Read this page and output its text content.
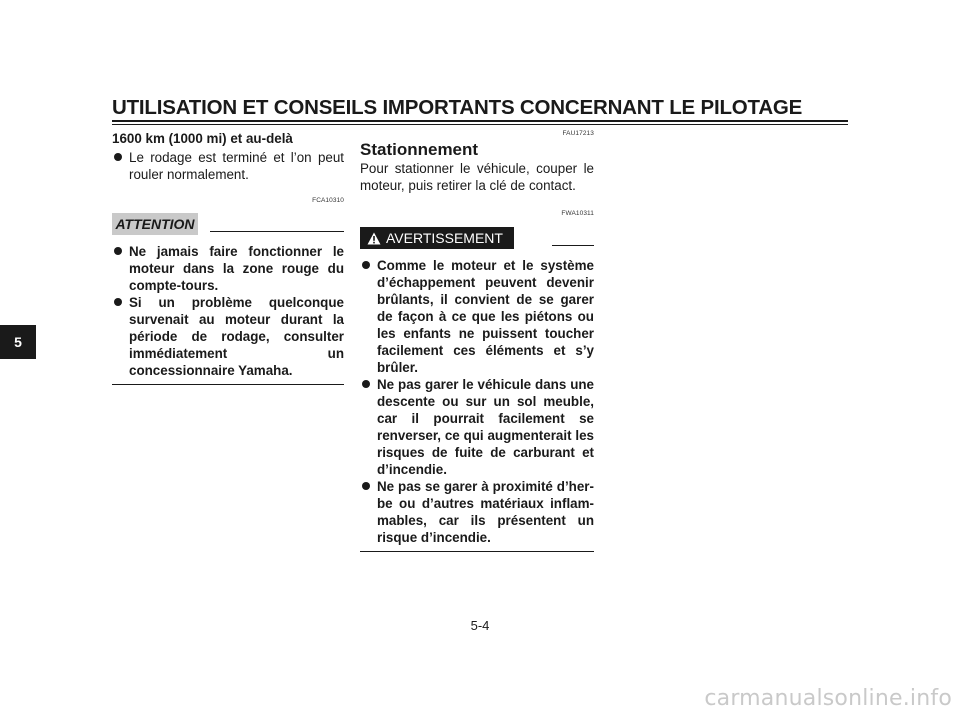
UTILISATION ET CONSEILS IMPORTANTS CONCERNANT LE PILOTAGE
5

1600 km (1000 mi) et au-delà

Le rodage est terminé et l’on peut rouler normalement.
FCA10310
ATTENTION
Ne jamais faire fonctionner le moteur dans la zone rouge du compte-tours.
Si un problème quelconque survenait au moteur durant la période de rodage, consulter immédiatement un concessionnaire Yamaha.
FAU17213
Stationnement

Pour stationner le véhicule, couper le moteur, puis retirer la clé de contact.

FWA10311
AVERTISSEMENT
Comme le moteur et le système d’échappement peuvent devenir brûlants, il convient de se garer de façon à ce que les piétons ou les enfants ne puissent toucher facilement ces éléments et s’y brûler.
Ne pas garer le véhicule dans une descente ou sur un sol meuble, car il pourrait facilement se renverser, ce qui augmenterait les risques de fuite de carburant et d’incendie.
Ne pas se garer à proximité d’herbe ou d’autres matériaux inflammables, car ils présentent un risque d’incendie.
5-4
carmanualsonline.info
